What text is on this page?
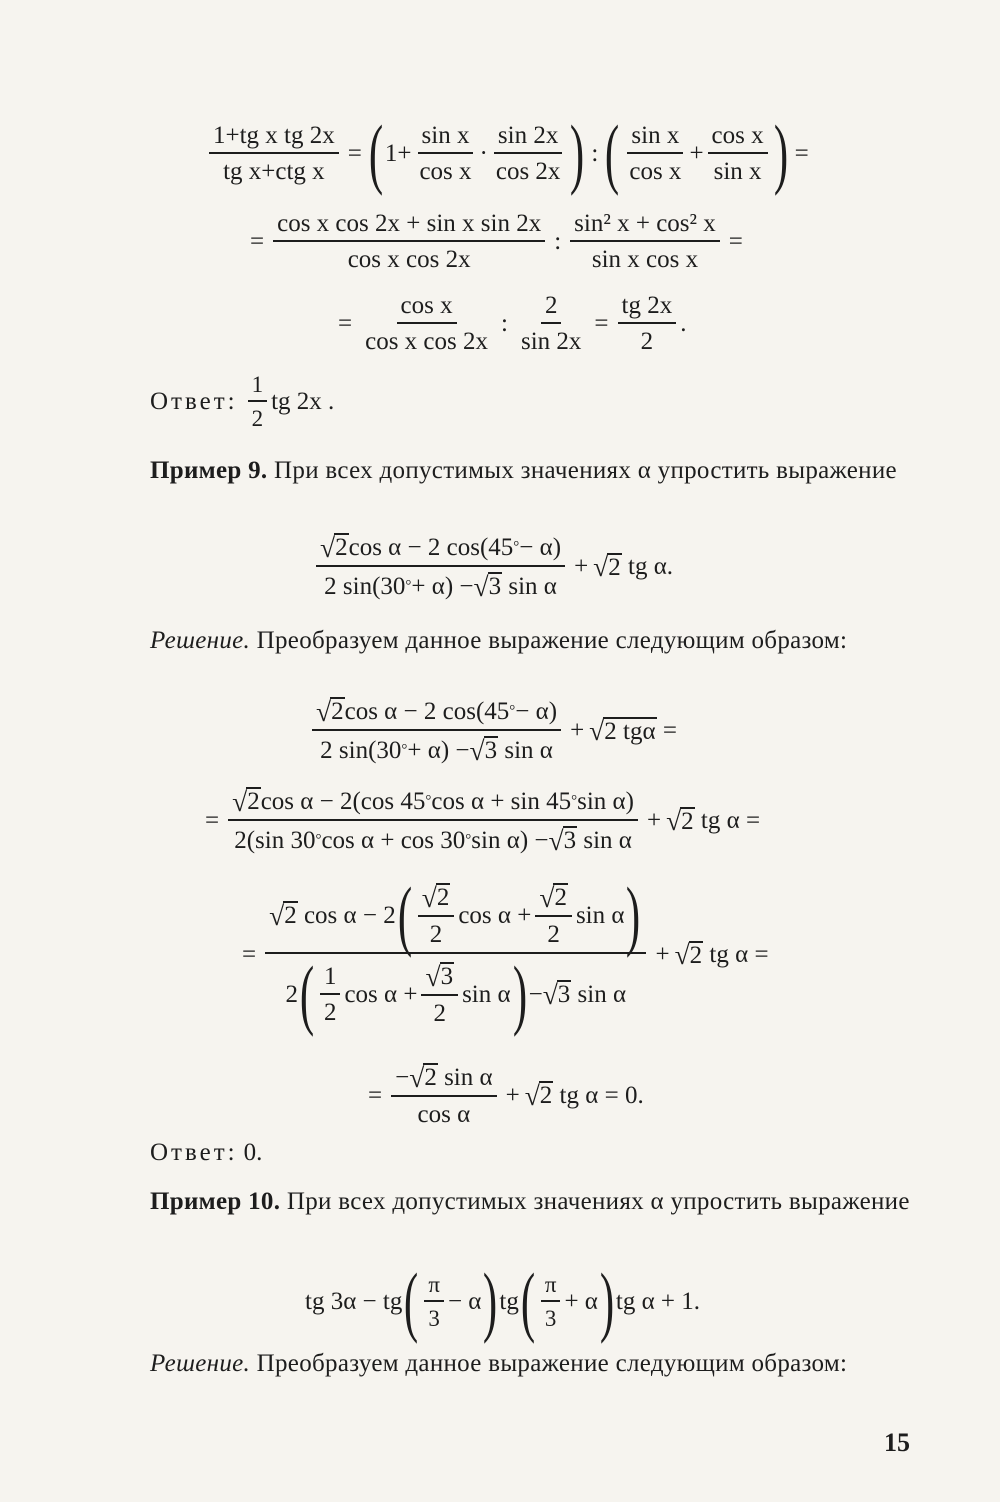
$\frac{\text{1+tg x tg 2x}}{\text{tg x+ctg x}}$ = ( $1+ \frac{\text{sin x}}{\text{cos x}} \cdot \frac{\sin 2x}{\cos 2x}$ ) : ( $\frac{\text{sin x}}{\text{cos x}} + \frac{\text{cos x}}{\text{sin x}}$ ) =
= $\frac{\text{cos x cos 2x + sin x sin 2x}}{\text{cos x cos 2x}}$ : $\frac{\text{sin² x + cos² x}}{\text{sin x cos x}}$ =
= $\frac{\text{cos x}}{\text{cos x cos 2x}}$ : $\frac{2}{\sin 2x} = \frac{tg 2x}{2}$ .
Ответ: $\frac{1}{2}$ tg 2x .
Пример 9. При всех допустимых значениях α упростить выражение
√ 2 cos α − 2 cos(45 ° − α)
2 sin(30 ° + α) − √ 3
sin α + √ 2
tg α.
Решение. Преобразуем данное выражение следующим образом:
√ 2 cos α − 2 cos(45 ° − α)
2 sin(30 ° + α) − √ 3
sin α + √ 2 tgα =
= √ 2 cos α − 2(cos 45 ° cos α + sin 45 ° sin α)
2(sin 30 ° cos α + cos 30 ° sin α) − √ 3
sin α + √ 2
tg α =
= $\frac{√ 2 \cos \alpha - 2 ( \frac{√ 2}{2} \cos \alpha + \frac{√ 2}{2} \sin \alpha )}{2 ( \frac{1}{2} \cos \alpha + \frac{√ 3}{2} \sin \alpha ) - √ 3 \sin \alpha}$ + √ 2
tg α =
= − √ 2
sin α
cos α + √ 2
tg α = 0.
Ответ: 0.
Пример 10. При всех допустимых значениях α упростить выражение
tg 3α − tg ( $\frac{\pi}{3} - \alpha$ ) tg ( $\frac{\pi}{3} + \alpha$ ) tg α + 1.
Решение. Преобразуем данное выражение следующим образом:
15
